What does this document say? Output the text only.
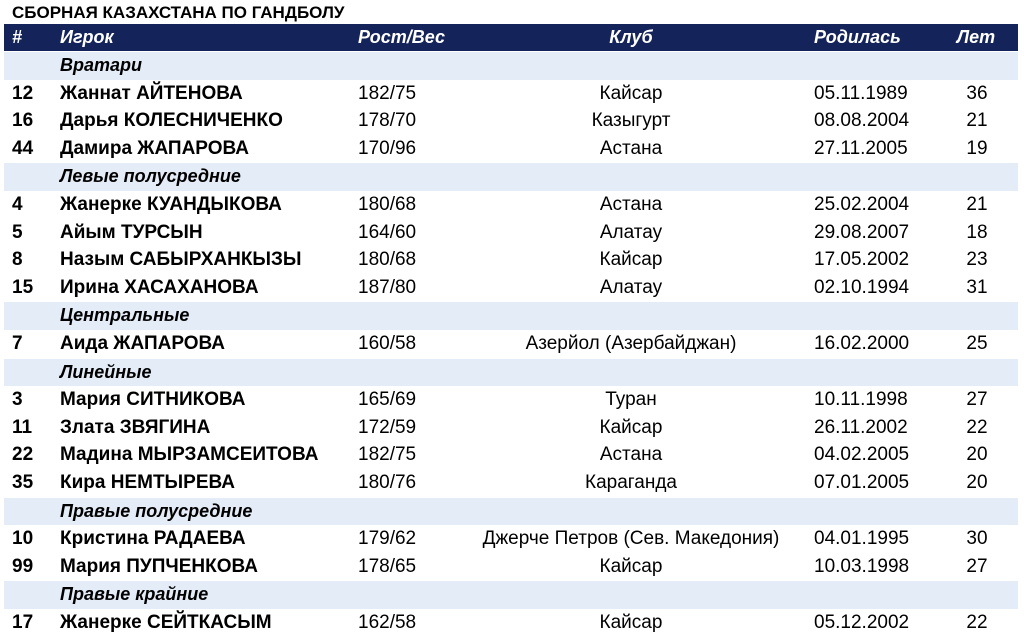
СБОРНАЯ КАЗАХСТАНА ПО ГАНДБОЛУ
# Игрок	Рост/Вес	Клуб	Родилась	Лет
Вратари
12 Жаннат АЙТЕНОВА	182/75	Кайсар	05.11.1989	36
16 Дарья КОЛЕСНИЧЕНКО	178/70	Казыгурт	08.08.2004	21
44 Дамира ЖАПАРОВА	170/96	Астана	27.11.2005	19
Левые полусредние
4 Жанерке КУАНДЫКОВА	180/68	Астана	25.02.2004	21
5 Айым ТУРСЫН	164/60	Алатау	29.08.2007	18
8 Назым САБЫРХАНКЫЗЫ	180/68	Кайсар	17.05.2002	23
15 Ирина ХАСАХАНОВА	187/80	Алатау	02.10.1994	31
Центральные
7 Аида ЖАПАРОВА	160/58	Азерйол (Азербайджан)	16.02.2000	25
Линейные
3 Мария СИТНИКОВА	165/69	Туран	10.11.1998	27
11 Злата ЗВЯГИНА	172/59	Кайсар	26.11.2002	22
22 Мадина МЫРЗАМСЕИТОВА 182/75	Астана	04.02.2005	20
35 Кира НЕМТЫРЕВА	180/76	Караганда	07.01.2005	20
Правые полусредние
10 Кристина РАДАЕВА	179/62	Джерче Петров (Сев. Македония)	04.01.1995	30
99 Мария ПУПЧЕНКОВА	178/65	Кайсар	10.03.1998	27
Правые крайние
17 Жанерке СЕЙТКАСЫМ	162/58	Кайсар	05.12.2002	22
